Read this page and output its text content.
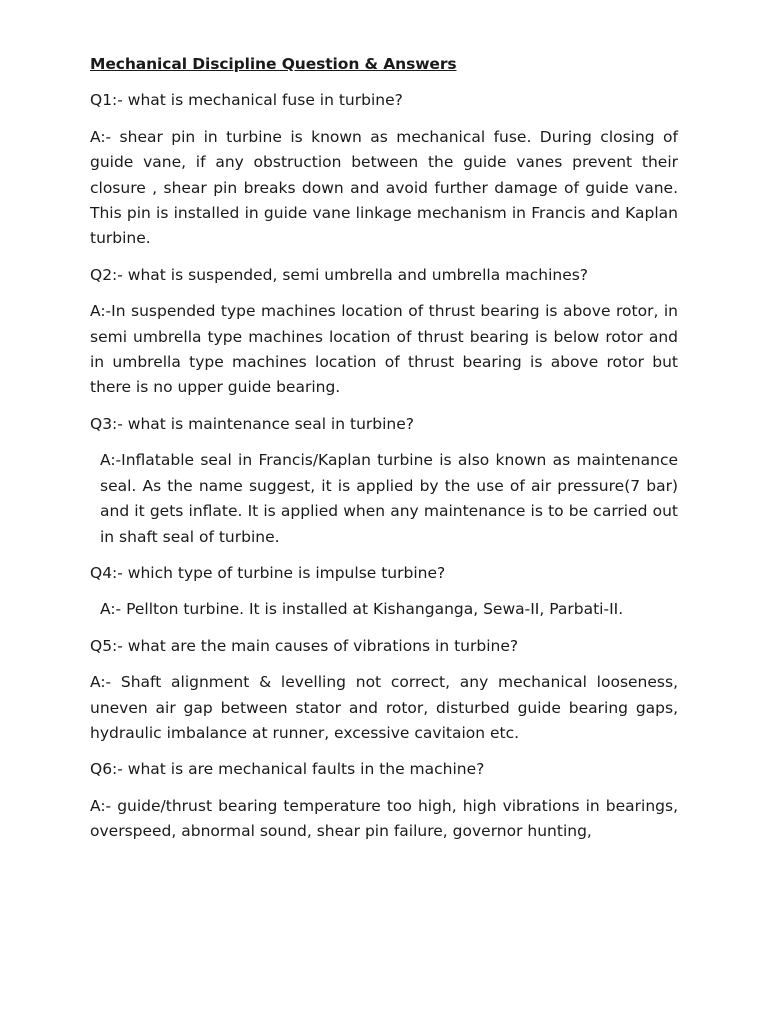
Mechanical Discipline Question & Answers
Q1:- what is mechanical fuse in turbine?
A:- shear pin in turbine is known as mechanical fuse. During closing of guide vane, if any obstruction between the guide vanes prevent their closure , shear pin breaks down and avoid further damage of guide vane. This pin is installed in guide vane linkage mechanism in Francis and Kaplan turbine.
Q2:- what is suspended, semi umbrella and umbrella machines?
A:-In suspended type machines location of thrust bearing is above rotor, in semi umbrella type machines location of thrust bearing is below rotor and in umbrella type machines location of thrust bearing is above rotor but there is no upper guide bearing.
Q3:- what is maintenance seal in turbine?
A:-Inflatable seal in Francis/Kaplan turbine is also known as maintenance seal. As the name suggest, it is applied by the use of air pressure(7 bar) and it gets inflate. It is applied when any maintenance is to be carried out in shaft seal of turbine.
Q4:- which type of turbine is impulse turbine?
A:- Pellton turbine. It is installed at Kishanganga, Sewa-II, Parbati-II.
Q5:- what are the main causes of vibrations in turbine?
A:- Shaft alignment & levelling not correct, any mechanical looseness, uneven air gap between stator and rotor, disturbed guide bearing gaps, hydraulic imbalance at runner, excessive cavitaion etc.
Q6:- what is are mechanical faults in the machine?
A:- guide/thrust bearing temperature too high, high vibrations in bearings, overspeed, abnormal sound, shear pin failure, governor hunting,
